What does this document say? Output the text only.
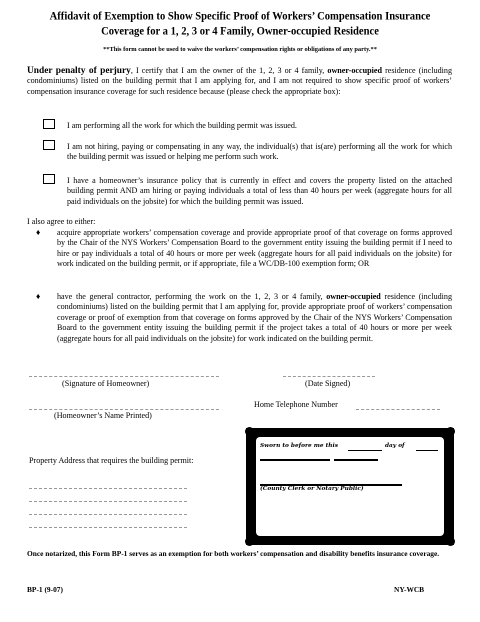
Affidavit of Exemption to Show Specific Proof of Workers’ Compensation Insurance
Coverage for a 1, 2, 3 or 4 Family, Owner-occupied Residence
**This form cannot be used to waive the workers’ compensation rights or obligations of any party.**
Under penalty of perjury, I certify that I am the owner of the 1, 2, 3 or 4 family, owner-occupied residence (including condominiums) listed on the building permit that I am applying for, and I am not required to show specific proof of workers’ compensation insurance coverage for such residence because (please check the appropriate box):
I am performing all the work for which the building permit was issued.
I am not hiring, paying or compensating in any way, the individual(s) that is(are) performing all the work for which the building permit was issued or helping me perform such work.
I have a homeowner’s insurance policy that is currently in effect and covers the property listed on the attached building permit AND am hiring or paying individuals a total of less than 40 hours per week (aggregate hours for all paid individuals on the jobsite) for which the building permit was issued.
I also agree to either:
♦ acquire appropriate workers’ compensation coverage and provide appropriate proof of that coverage on forms approved by the Chair of the NYS Workers’ Compensation Board to the government entity issuing the building permit if I need to hire or pay individuals a total of 40 hours or more per week (aggregate hours for all paid individuals on the jobsite) for work indicated on the building permit, or if appropriate, file a WC/DB-100 exemption form; OR
♦ have the general contractor, performing the work on the 1, 2, 3 or 4 family, owner-occupied residence (including condominiums) listed on the building permit that I am applying for, provide appropriate proof of workers’ compensation coverage or proof of exemption from that coverage on forms approved by the Chair of the NYS Workers’ Compensation Board to the government entity issuing the building permit if the project takes a total of 40 hours or more per week (aggregate hours for all paid individuals on the jobsite) for work indicated on the building permit.
(Signature of Homeowner)	(Date Signed)
Home Telephone Number
(Homeowner’s Name Printed)
Property Address that requires the building permit:
Sworn to before me this	day of
(County Clerk or Notary Public)
Once notarized, this Form BP-1 serves as an exemption for both workers’ compensation and disability benefits insurance coverage.
BP-1 (9-07)	NY-WCB
